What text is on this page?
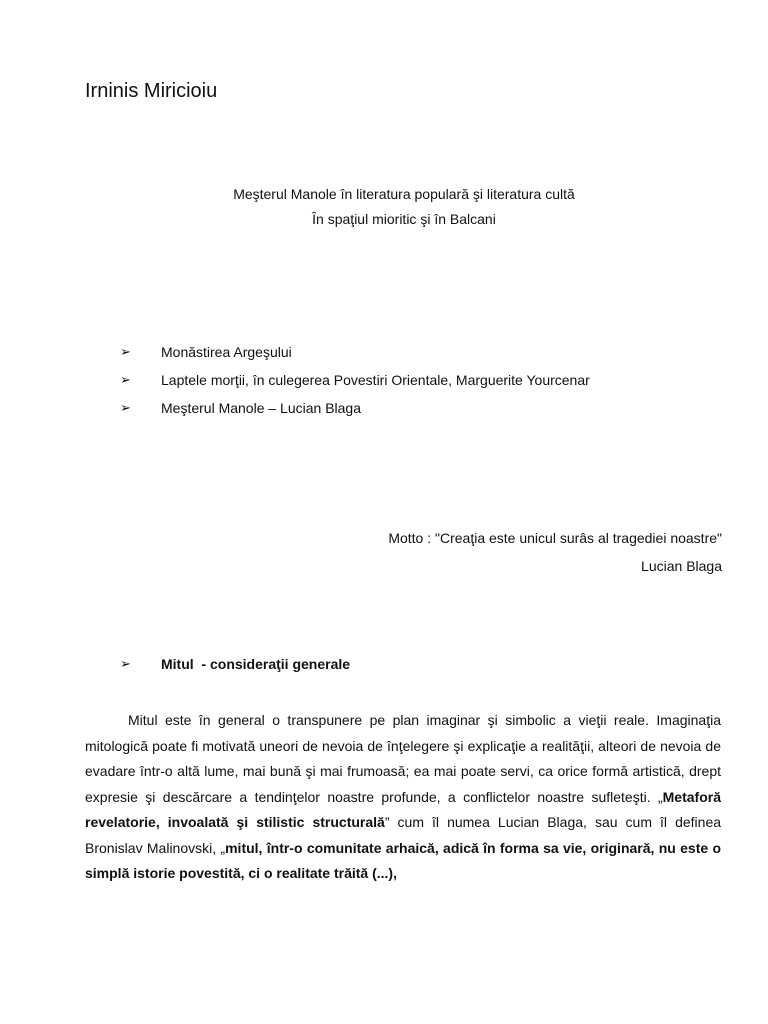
Irninis Miricioiu
Meşterul Manole în literatura populară şi literatura cultă
În spaţiul mioritic şi în Balcani
➢	Monăstirea Argeşului
➢	Laptele morţii, în culegerea Povestiri Orientale, Marguerite Yourcenar
➢	Meşterul Manole – Lucian Blaga
Motto : "Creaţia este unicul surâs al tragediei noastre"
Lucian Blaga
➢	Mitul  - consideraţii generale

Mitul este în general o transpunere pe plan imaginar şi simbolic a vieţii reale. Imaginaţia mitologică poate fi motivată uneori de nevoia de înţelegere şi explicaţie a realităţii, alteori de nevoia de evadare într-o altă lume, mai bună şi mai frumoasă; ea mai poate servi, ca orice formă artistică, drept expresie şi descărcare a tendinţelor noastre profunde, a conflictelor noastre sufleteşti. „Metaforă revelatorie, invoalată şi stilistic structurală” cum îl numea Lucian Blaga, sau cum îl definea Bronislav Malinovski, „mitul, într-o comunitate arhaică, adică în forma sa vie, originară, nu este o simplă istorie povestită, ci o realitate trăită (...),
